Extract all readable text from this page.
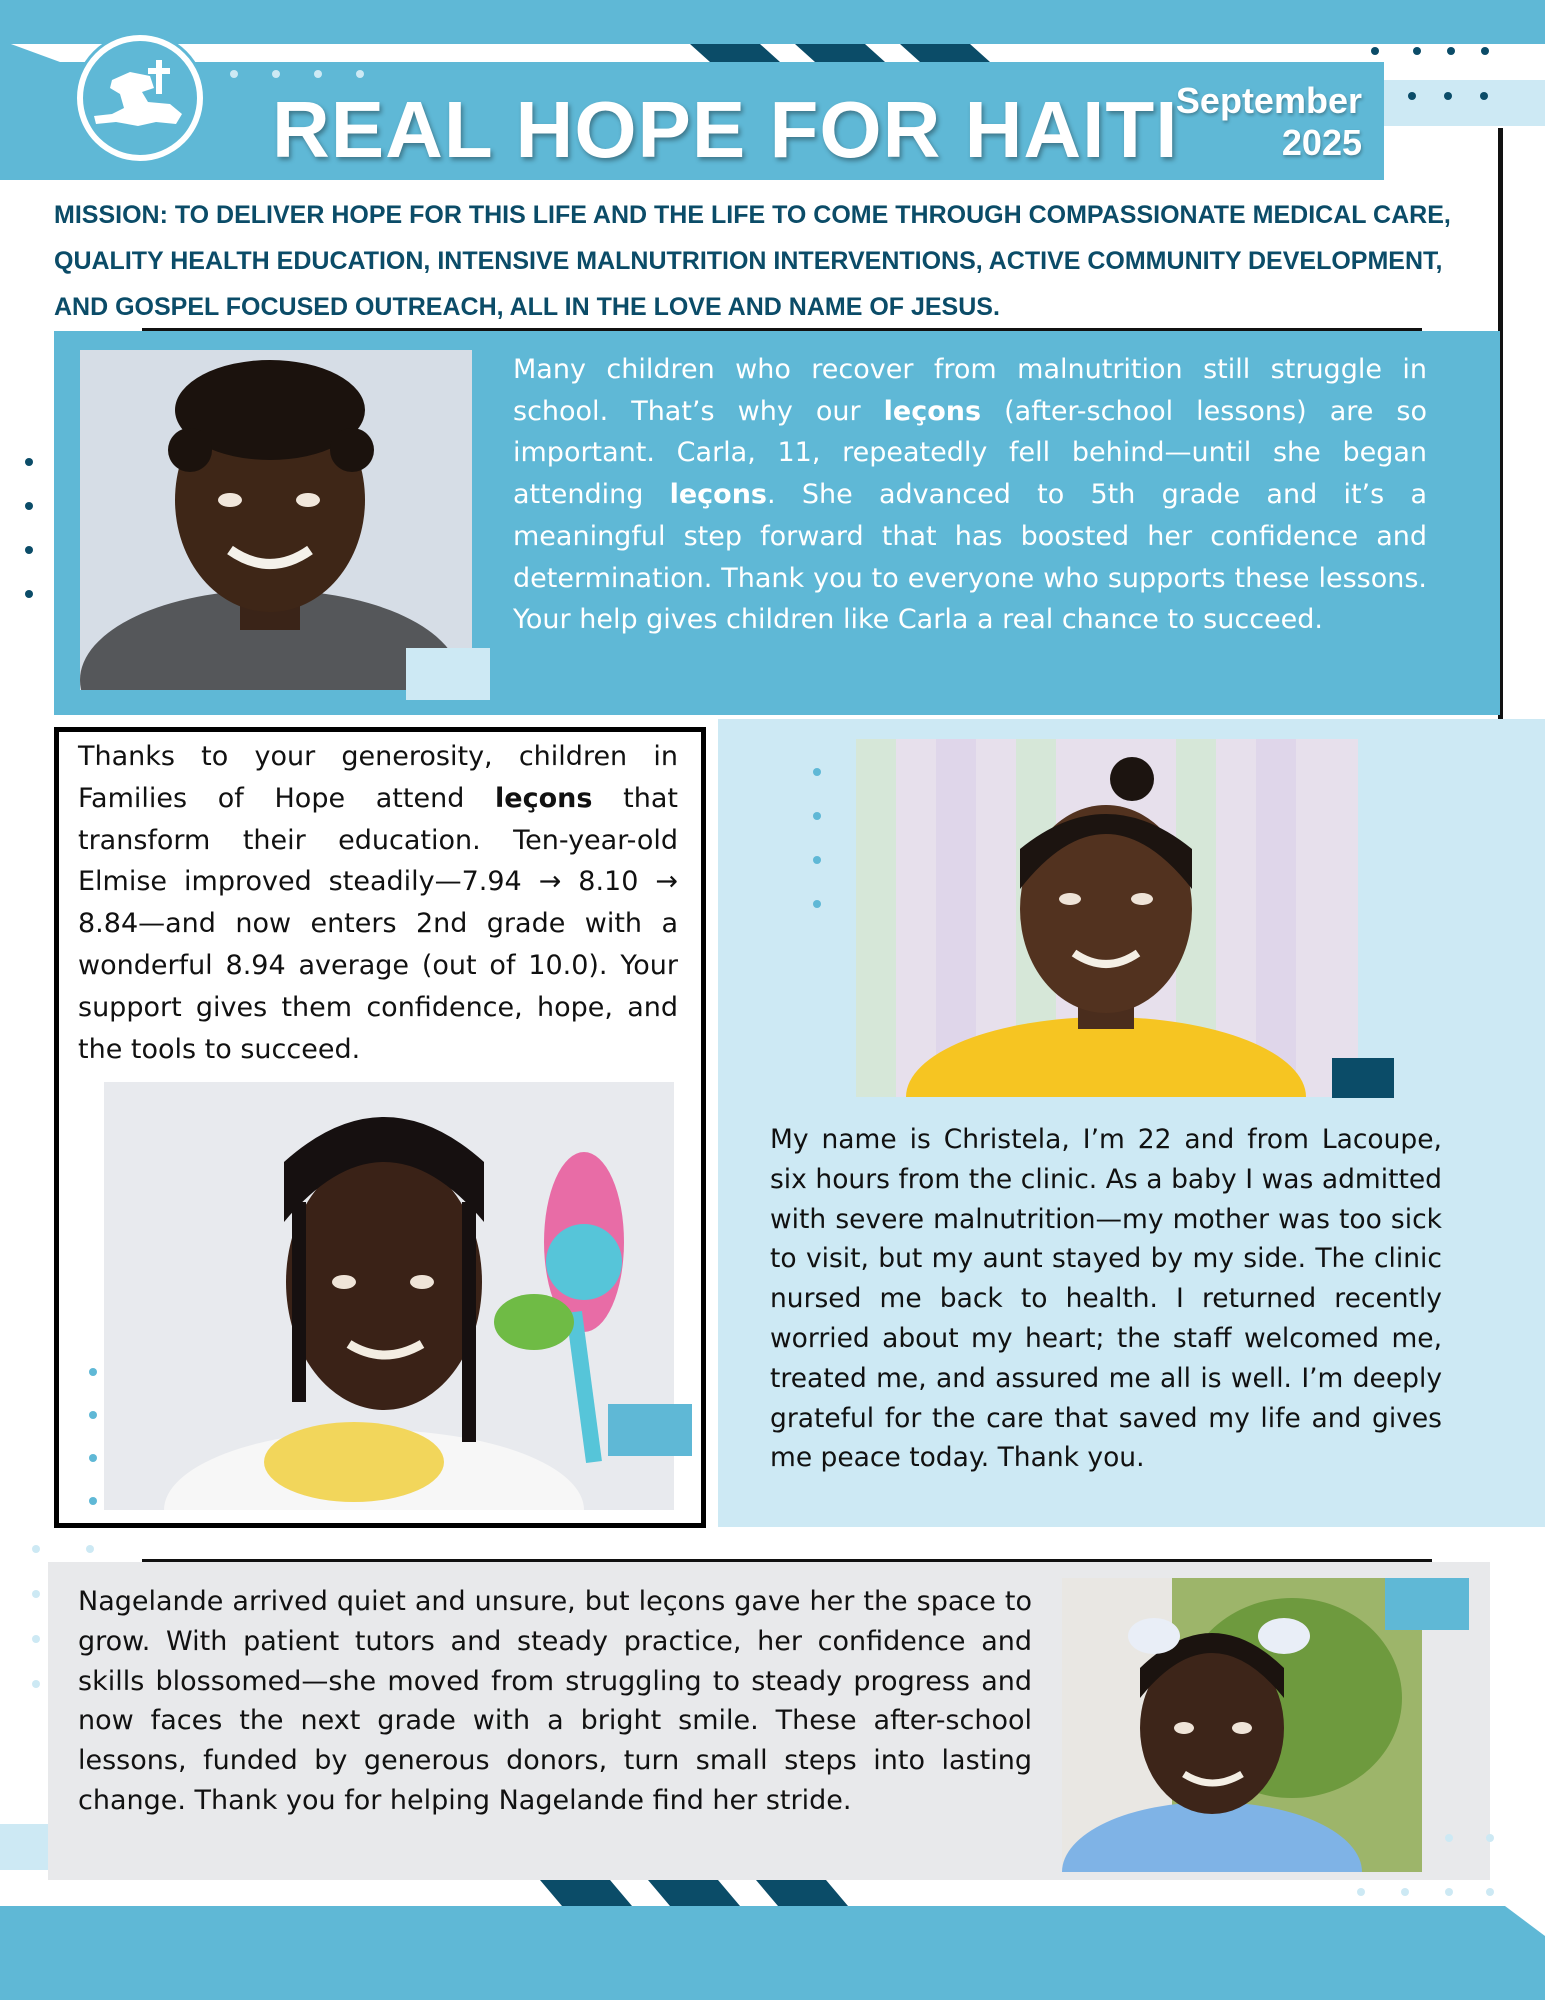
REAL HOPE FOR HAITI
September
2025
MISSION: TO DELIVER HOPE FOR THIS LIFE AND THE LIFE TO COME THROUGH COMPASSIONATE MEDICAL CARE, QUALITY HEALTH EDUCATION, INTENSIVE MALNUTRITION INTERVENTIONS, ACTIVE COMMUNITY DEVELOPMENT, AND GOSPEL FOCUSED OUTREACH, ALL IN THE LOVE AND NAME OF JESUS.
Many children who recover from malnutrition still struggle in school. That’s why our leçons (after-school lessons) are so important. Carla, 11, repeatedly fell behind—until she began attending leçons. She advanced to 5th grade and it’s a meaningful step forward that has boosted her confidence and determination. Thank you to everyone who supports these lessons. Your help gives children like Carla a real chance to succeed.
Thanks to your generosity, children in Families of Hope attend leçons that transform their education. Ten-year-old Elmise improved steadily—7.94 → 8.10 → 8.84—and now enters 2nd grade with a wonderful 8.94 average (out of 10.0). Your support gives them confidence, hope, and the tools to succeed.
My name is Christela, I’m 22 and from Lacoupe, six hours from the clinic. As a baby I was admitted with severe malnutrition—my mother was too sick to visit, but my aunt stayed by my side. The clinic nursed me back to health. I returned recently worried about my heart; the staff welcomed me, treated me, and assured me all is well. I’m deeply grateful for the care that saved my life and gives me peace today. Thank you.
Nagelande arrived quiet and unsure, but leçons gave her the space to grow. With patient tutors and steady practice, her confidence and skills blossomed—she moved from struggling to steady progress and now faces the next grade with a bright smile. These after-school lessons, funded by generous donors, turn small steps into lasting change. Thank you for helping Nagelande find her stride.
